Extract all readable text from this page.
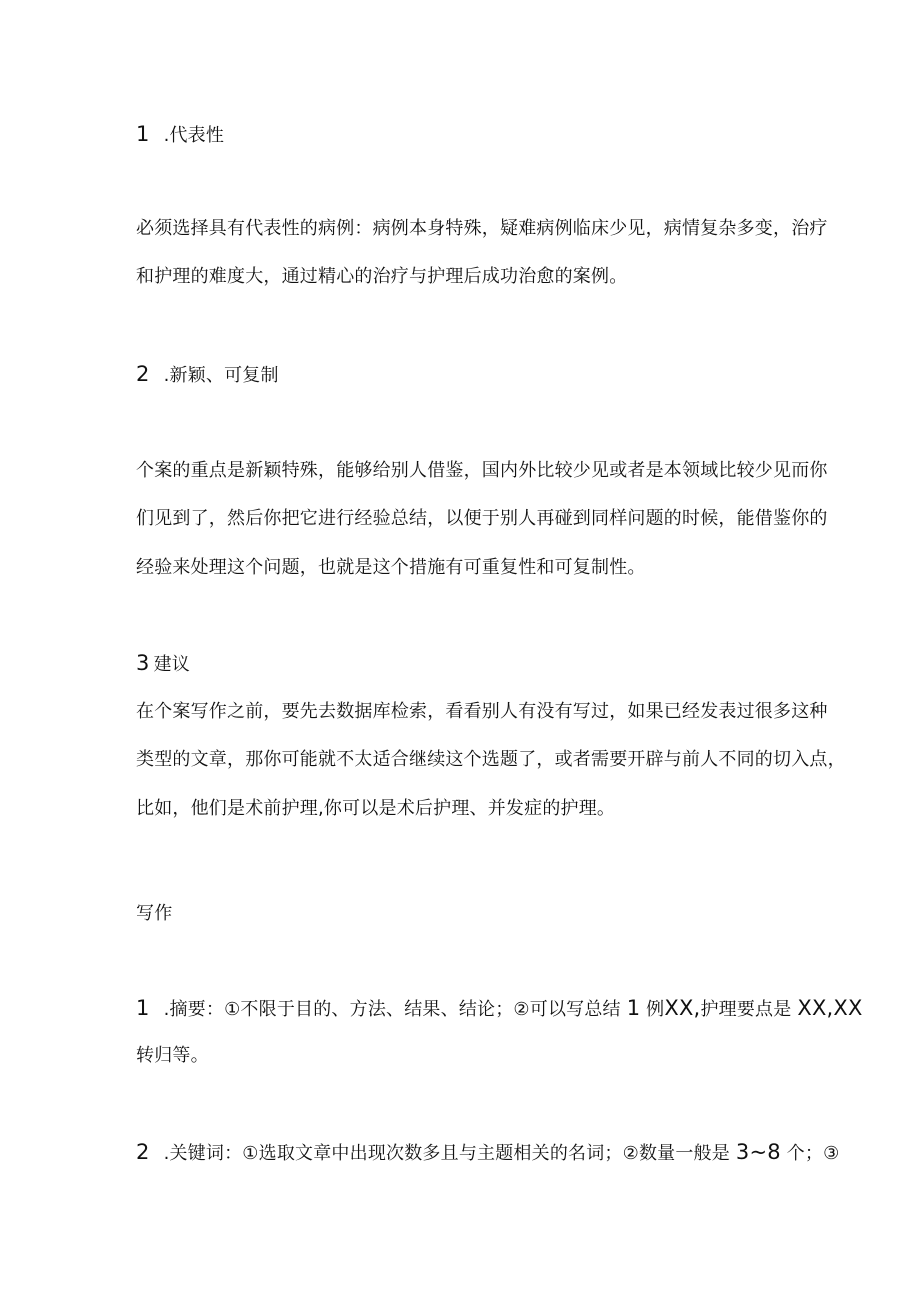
1 .代表性
必须选择具有代表性的病例：病例本身特殊，疑难病例临床少见，病情复杂多变，治疗
和护理的难度大，通过精心的治疗与护理后成功治愈的案例。
2 .新颖、可复制
个案的重点是新颖特殊，能够给别人借鉴，国内外比较少见或者是本领域比较少见而你
们见到了，然后你把它进行经验总结，以便于别人再碰到同样问题的时候，能借鉴你的
经验来处理这个问题，也就是这个措施有可重复性和可复制性。
3 建议
在个案写作之前，要先去数据库检索，看看别人有没有写过，如果已经发表过很多这种
类型的文章，那你可能就不太适合继续这个选题了，或者需要开辟与前人不同的切入点，
比如，他们是术前护理,你可以是术后护理、并发症的护理。
写作
1 .摘要：①不限于目的、方法、结果、结论；②可以写总结 1 例XX,护理要点是 XX,XX
转归等。
2 .关键词：①选取文章中出现次数多且与主题相关的名词；②数量一般是 3~8 个；③
